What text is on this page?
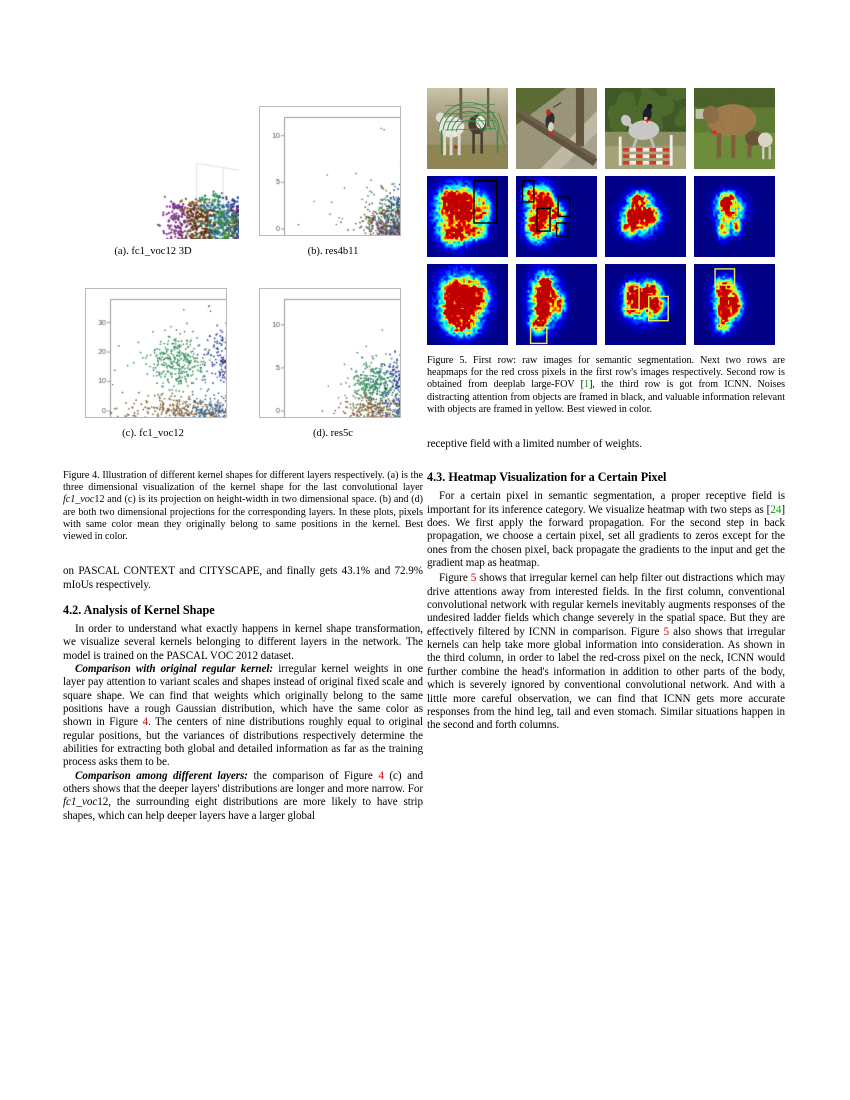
(a). fc1_voc12 3D	(b). res4b11
(c). fc1_voc12	(d). res5c

Figure 4. Illustration of different kernel shapes for different layers respectively. (a) is the three dimensional visualization of the kernel shape for the last convolutional layer fc1_voc12 and (c) is its projection on height-width in two dimensional space. (b) and (d) are both two dimensional projections for the corresponding layers. In these plots, pixels with same color mean they originally belong to same positions in the kernel. Best viewed in color.

on PASCAL CONTEXT and CITYSCAPE, and finally gets 43.1% and 72.9% mIoUs respectively.

4.2. Analysis of Kernel Shape

In order to understand what exactly happens in kernel shape transformation, we visualize several kernels belonging to different layers in the network. The model is trained on the PASCAL VOC 2012 dataset.

Comparison with original regular kernel: irregular kernel weights in one layer pay attention to variant scales and shapes instead of original fixed scale and square shape. We can find that weights which originally belong to the same positions have a rough Gaussian distribution, which have the same color as shown in Figure 4. The centers of nine distributions roughly equal to original regular positions, but the variances of distributions respectively determine the abilities for extracting both global and detailed information as far as the training process asks them to be.

Comparison among different layers: the comparison of Figure 4 (c) and others shows that the deeper layers' distributions are longer and more narrow. For fc1_voc12, the surrounding eight distributions are more likely to have strip shapes, which can help deeper layers have a larger global

Figure 5. First row: raw images for semantic segmentation. Next two rows are heapmaps for the red cross pixels in the first row's images respectively. Second row is obtained from deeplab large-FOV [1], the third row is got from ICNN. Noises distracting attention from objects are framed in black, and valuable information relevant with objects are framed in yellow. Best viewed in color.

receptive field with a limited number of weights.

4.3. Heatmap Visualization for a Certain Pixel

For a certain pixel in semantic segmentation, a proper receptive field is important for its inference category. We visualize heatmap with two steps as [24] does. We first apply the forward propagation. For the second step in back propagation, we choose a certain pixel, set all gradients to zeros except for the ones from the chosen pixel, back propagate the gradients to the input and get the gradient map as heatmap.

Figure 5 shows that irregular kernel can help filter out distractions which may drive attentions away from interested fields. In the first column, conventional convolutional network with regular kernels inevitably augments responses of the undesired ladder fields which change severely in the spatial space. But they are effectively filtered by ICNN in comparison. Figure 5 also shows that irregular kernels can help take more global information into consideration. As shown in the third column, in order to label the red-cross pixel on the neck, ICNN would further combine the head's information in addition to other parts of the body, which is severely ignored by conventional convolutional network. And with a little more careful observation, we can find that ICNN gets more accurate responses from the hind leg, tail and even stomach. Similar situations happen in the second and forth columns.
